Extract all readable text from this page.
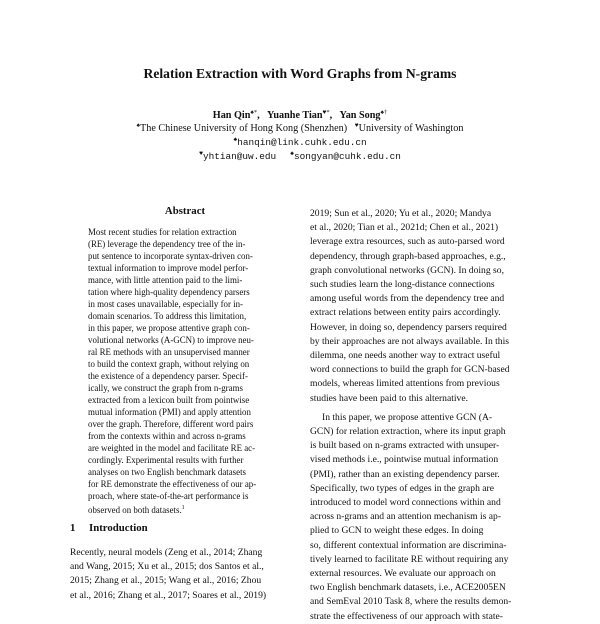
Relation Extraction with Word Graphs from N-grams
Han Qin♠*,   Yuanhe Tian♥*,   Yan Song♠†
♠The Chinese University of Hong Kong (Shenzhen) ♥University of Washington
♠hanqin@link.cuhk.edu.cn
♥yhtian@uw.edu ♠songyan@cuhk.edu.cn
Abstract
Most recent studies for relation extraction
(RE) leverage the dependency tree of the in-
put sentence to incorporate syntax-driven con-
textual information to improve model perfor-
mance, with little attention paid to the limi-
tation where high-quality dependency parsers
in most cases unavailable, especially for in-
domain scenarios. To address this limitation,
in this paper, we propose attentive graph con-
volutional networks (A-GCN) to improve neu-
ral RE methods with an unsupervised manner
to build the context graph, without relying on
the existence of a dependency parser. Specif-
ically, we construct the graph from n-grams
extracted from a lexicon built from pointwise
mutual information (PMI) and apply attention
over the graph. Therefore, different word pairs
from the contexts within and across n-grams
are weighted in the model and facilitate RE ac-
cordingly. Experimental results with further
analyses on two English benchmark datasets
for RE demonstrate the effectiveness of our ap-
proach, where state-of-the-art performance is
observed on both datasets.$^1$
1 Introduction
Recently, neural models (Zeng et al., 2014; Zhang
and Wang, 2015; Xu et al., 2015; dos Santos et al.,
2015; Zhang et al., 2015; Wang et al., 2016; Zhou
et al., 2016; Zhang et al., 2017; Soares et al., 2019)
2019; Sun et al., 2020; Yu et al., 2020; Mandya
et al., 2020; Tian et al., 2021d; Chen et al., 2021)
leverage extra resources, such as auto-parsed word
dependency, through graph-based approaches, e.g.,
graph convolutional networks (GCN). In doing so,
such studies learn the long-distance connections
among useful words from the dependency tree and
extract relations between entity pairs accordingly.
However, in doing so, dependency parsers required
by their approaches are not always available. In this
dilemma, one needs another way to extract useful
word connections to build the graph for GCN-based
models, whereas limited attentions from previous
studies have been paid to this alternative.
In this paper, we propose attentive GCN (A-
GCN) for relation extraction, where its input graph
is built based on n-grams extracted with unsuper-
vised methods i.e., pointwise mutual information
(PMI), rather than an existing dependency parser.
Specifically, two types of edges in the graph are
introduced to model word connections within and
across n-grams and an attention mechanism is ap-
plied to GCN to weight these edges. In doing
so, different contextual information are discrimina-
tively learned to facilitate RE without requiring any
external resources. We evaluate our approach on
two English benchmark datasets, i.e., ACE2005EN
and SemEval 2010 Task 8, where the results demon-
strate the effectiveness of our approach with state-
